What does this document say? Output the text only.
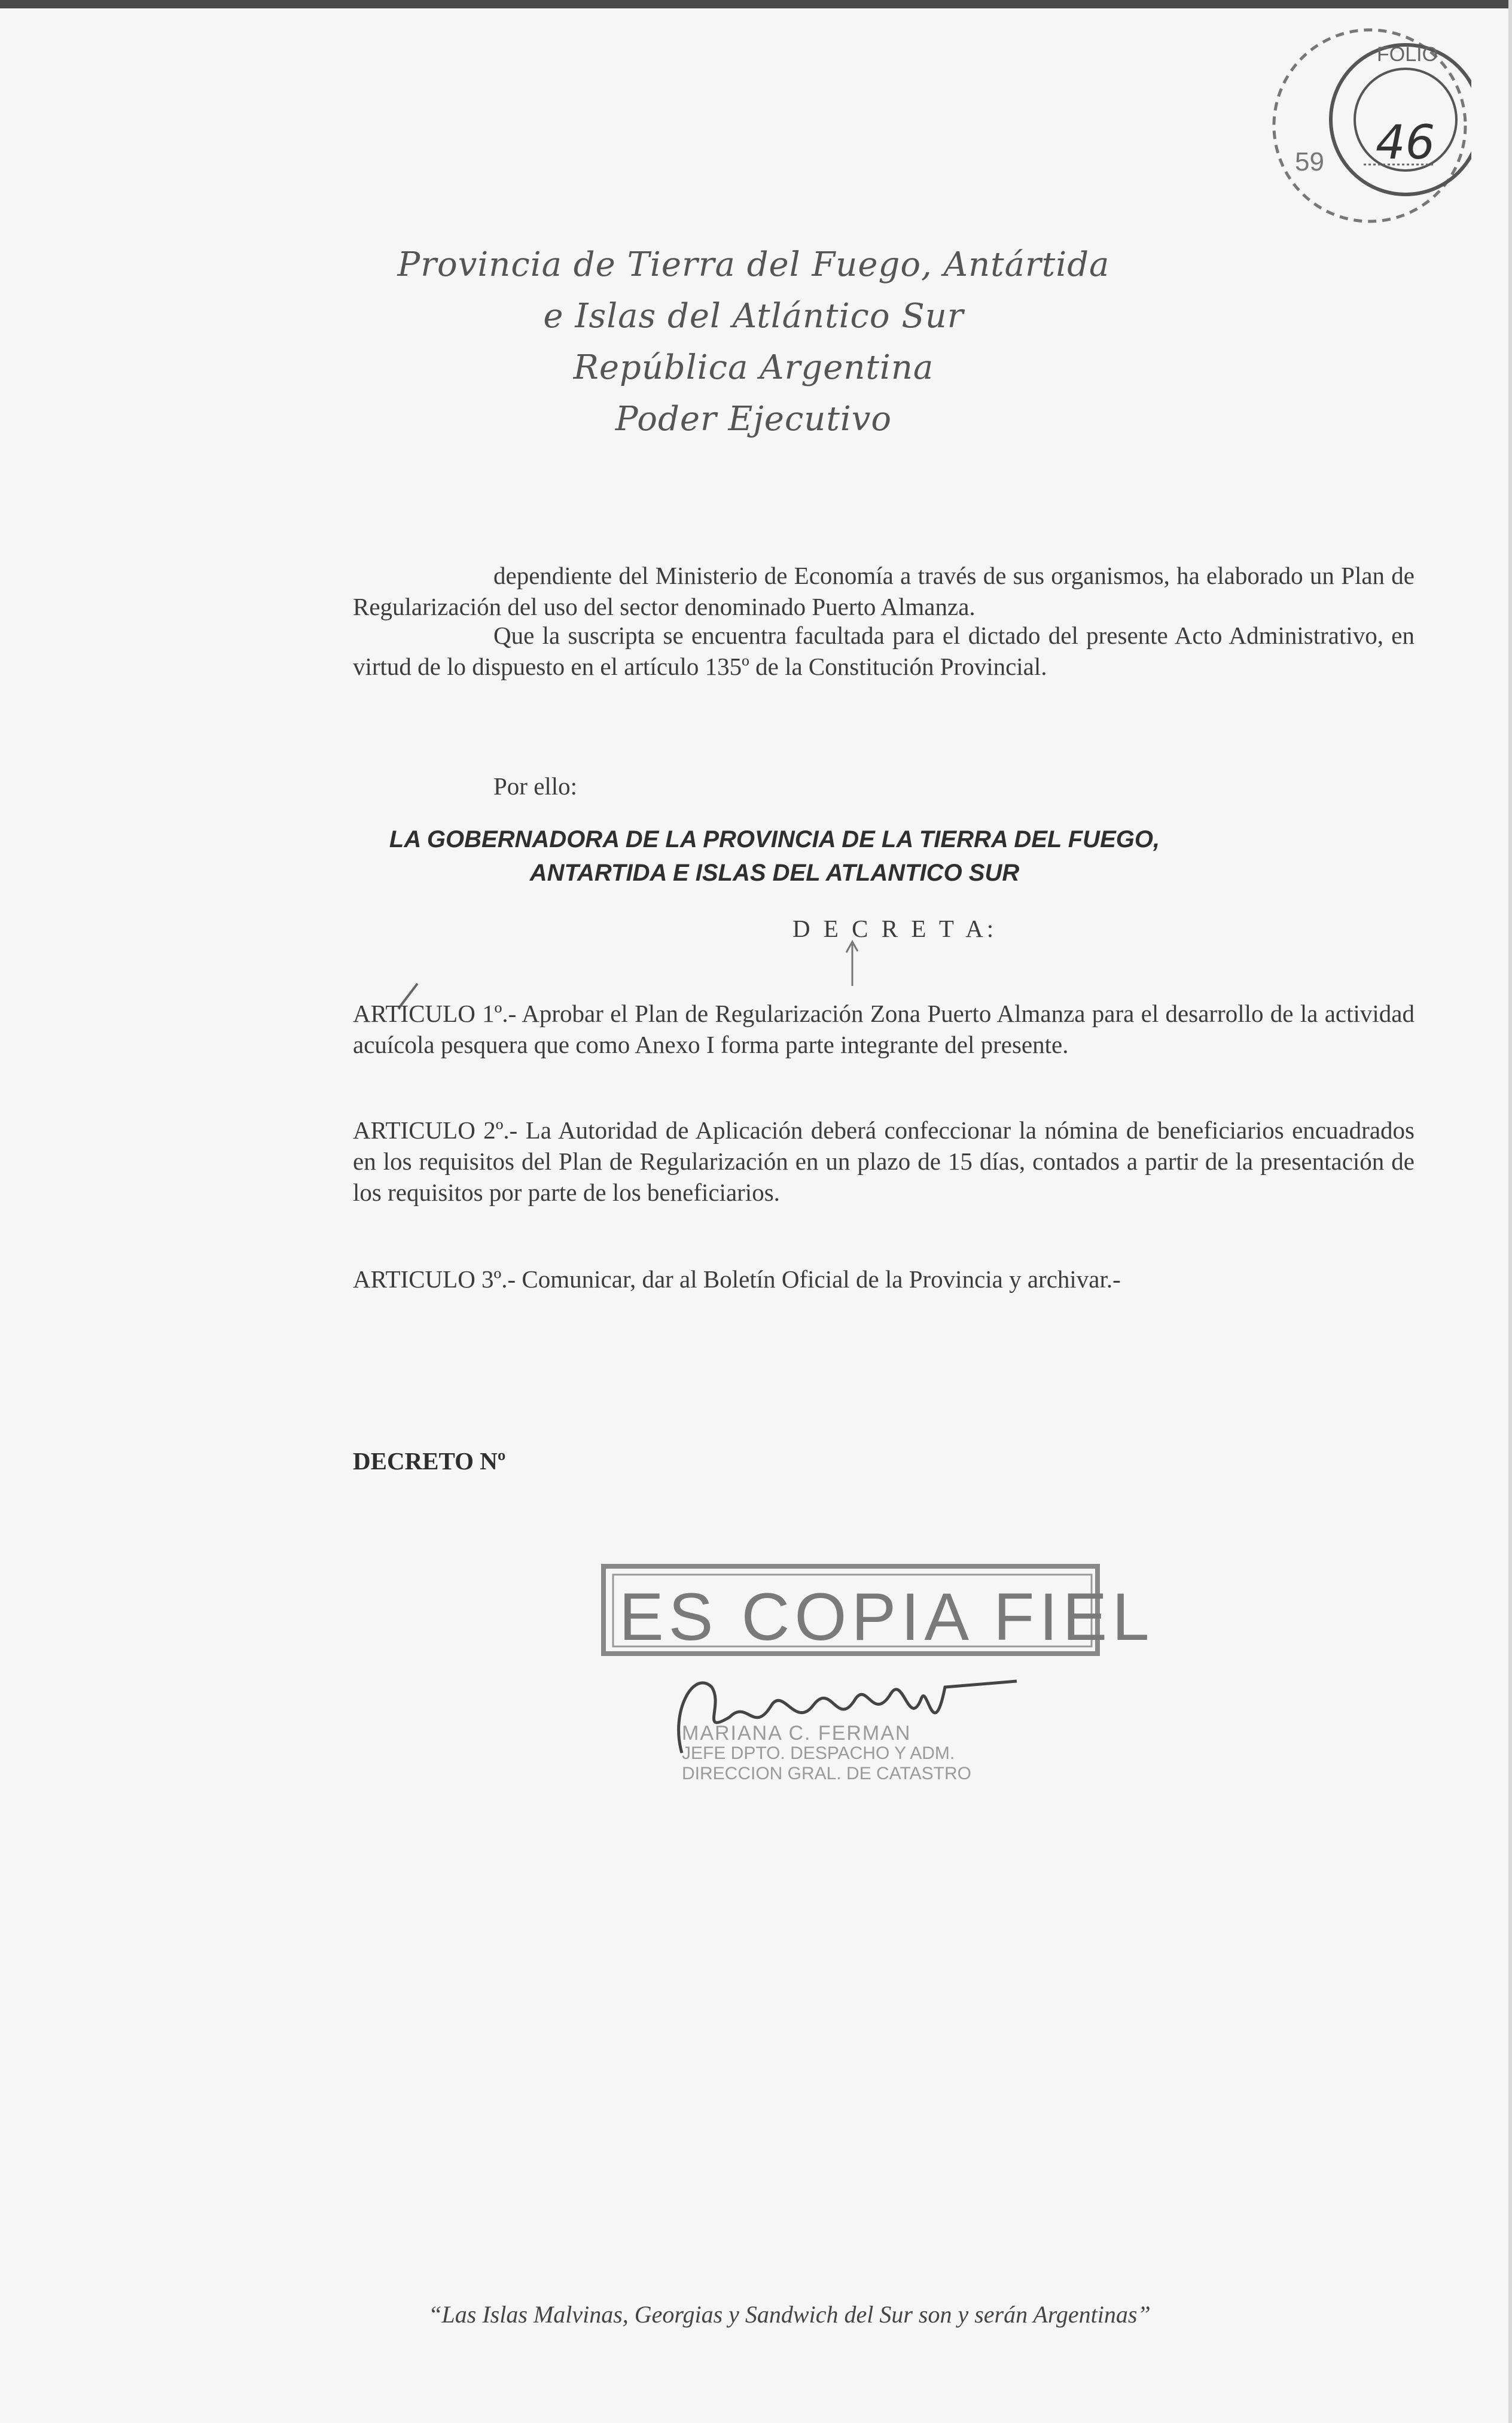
FOLIO
59 46
Provincia de Tierra del Fuego, Antártida
e Islas del Atlántico Sur
República Argentina
Poder Ejecutivo
dependiente del Ministerio de Economía a través de sus organismos, ha elaborado un Plan de Regularización del uso del sector denominado Puerto Almanza.
Que la suscripta se encuentra facultada para el dictado del presente Acto Administrativo, en virtud de lo dispuesto en el artículo 135º de la Constitución Provincial.
Por ello:
LA GOBERNADORA DE LA PROVINCIA DE LA TIERRA DEL FUEGO,
ANTARTIDA E ISLAS DEL ATLANTICO SUR
D E C R E T A:
ARTICULO 1º.- Aprobar el Plan de Regularización Zona Puerto Almanza para el desarrollo de la actividad acuícola pesquera que como Anexo I forma parte integrante del presente.
ARTICULO 2º.- La Autoridad de Aplicación deberá confeccionar la nómina de beneficiarios encuadrados en los requisitos del Plan de Regularización en un plazo de 15 días, contados a partir de la presentación de los requisitos por parte de los beneficiarios.
ARTICULO 3º.- Comunicar, dar al Boletín Oficial de la Provincia y archivar.-
DECRETO Nº
ES COPIA FIEL
MARIANA C. FERMAN
JEFE DPTO. DESPACHO Y ADM.
DIRECCION GRAL. DE CATASTRO
“Las Islas Malvinas, Georgias y Sandwich del Sur son y serán Argentinas”
